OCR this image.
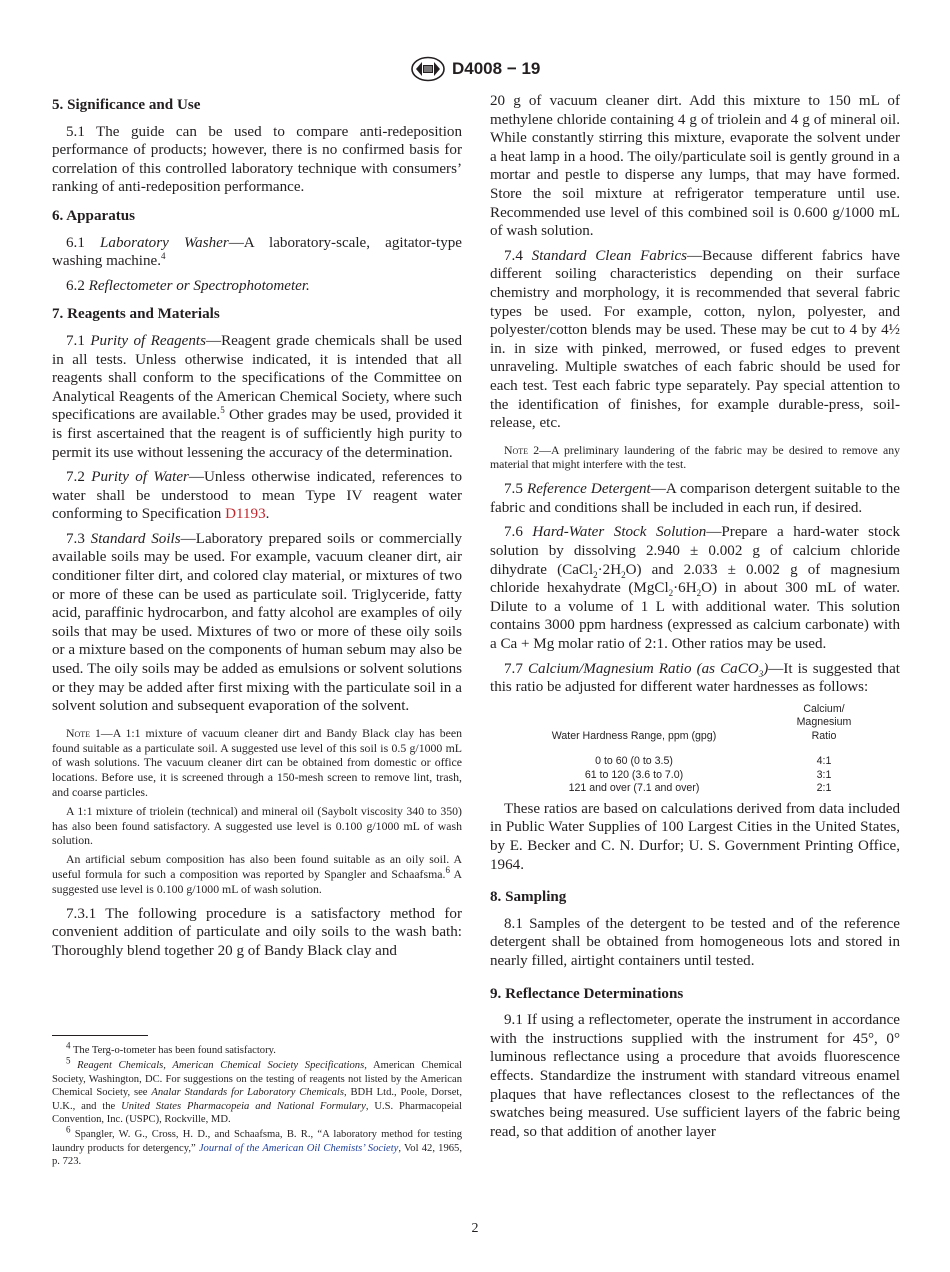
D4008 − 19
5. Significance and Use

5.1 The guide can be used to compare anti-redeposition performance of products; however, there is no confirmed basis for correlation of this controlled laboratory technique with consumers’ ranking of anti-redeposition performance.

6. Apparatus

6.1 Laboratory Washer—A laboratory-scale, agitator-type washing machine.$^4$

6.2 Reflectometer or Spectrophotometer.

7. Reagents and Materials

7.1 Purity of Reagents—Reagent grade chemicals shall be used in all tests. Unless otherwise indicated, it is intended that all reagents shall conform to the specifications of the Committee on Analytical Reagents of the American Chemical Society, where such specifications are available.$^5$ Other grades may be used, provided it is first ascertained that the reagent is of sufficiently high purity to permit its use without lessening the accuracy of the determination.

7.2 Purity of Water—Unless otherwise indicated, references to water shall be understood to mean Type IV reagent water conforming to Specification D1193.

7.3 Standard Soils—Laboratory prepared soils or commercially available soils may be used. For example, vacuum cleaner dirt, air conditioner filter dirt, and colored clay material, or mixtures of two or more of these can be used as particulate soil. Triglyceride, fatty acid, paraffinic hydrocarbon, and fatty alcohol are examples of oily soils that may be used. Mixtures of two or more of these oily soils or a mixture based on the components of human sebum may also be used. The oily soils may be added as emulsions or solvent solutions or they may be added after first mixing with the particulate soil in a solvent solution and subsequent evaporation of the solvent.

Note 1—A 1:1 mixture of vacuum cleaner dirt and Bandy Black clay has been found suitable as a particulate soil. A suggested use level of this soil is 0.5 g/1000 mL of wash solutions. The vacuum cleaner dirt can be obtained from domestic or office locations. Before use, it is screened through a 150-mesh screen to remove lint, trash, and coarse particles.
A 1:1 mixture of triolein (technical) and mineral oil (Saybolt viscosity 340 to 350) has also been found satisfactory. A suggested use level is 0.100 g/1000 mL of wash solution.
An artificial sebum composition has also been found suitable as an oily soil. A useful formula for such a composition was reported by Spangler and Schaafsma.$^6$ A suggested use level is 0.100 g/1000 mL of wash solution.

7.3.1 The following procedure is a satisfactory method for convenient addition of particulate and oily soils to the wash bath: Thoroughly blend together 20 g of Bandy Black clay and

$^4$ The Terg-o-tometer has been found satisfactory.

$^5$ Reagent Chemicals, American Chemical Society Specifications, American Chemical Society, Washington, DC. For suggestions on the testing of reagents not listed by the American Chemical Society, see Analar Standards for Laboratory Chemicals, BDH Ltd., Poole, Dorset, U.K., and the United States Pharmacopeia and National Formulary, U.S. Pharmacopeial Convention, Inc. (USPC), Rockville, MD.

$^6$ Spangler, W. G., Cross, H. D., and Schaafsma, B. R., “A laboratory method for testing laundry products for detergency,” Journal of the American Oil Chemists’ Society, Vol 42, 1965, p. 723.

20 g of vacuum cleaner dirt. Add this mixture to 150 mL of methylene chloride containing 4 g of triolein and 4 g of mineral oil. While constantly stirring this mixture, evaporate the solvent under a heat lamp in a hood. The oily/particulate soil is gently ground in a mortar and pestle to disperse any lumps, that may have formed. Store the soil mixture at refrigerator temperature until use. Recommended use level of this combined soil is 0.600 g/1000 mL of wash solution.

7.4 Standard Clean Fabrics—Because different fabrics have different soiling characteristics depending on their surface chemistry and morphology, it is recommended that several fabric types be used. For example, cotton, nylon, polyester, and polyester/cotton blends may be used. These may be cut to 4 by 4½ in. in size with pinked, merrowed, or fused edges to prevent unraveling. Multiple swatches of each fabric should be used for each test. Test each fabric type separately. Pay special attention to the identification of finishes, for example durable-press, soil-release, etc.

Note 2—A preliminary laundering of the fabric may be desired to remove any material that might interfere with the test.

7.5 Reference Detergent—A comparison detergent suitable to the fabric and conditions shall be included in each run, if desired.

7.6 Hard-Water Stock Solution—Prepare a hard-water stock solution by dissolving 2.940 ± 0.002 g of calcium chloride dihydrate $(CaCl_2\cdot 2H_2O)$ and 2.033 ± 0.002 g of magnesium chloride hexahydrate $(MgCl_2\cdot 6H_2O)$ in about 300 mL of water. Dilute to a volume of 1 L with additional water. This solution contains 3000 ppm hardness (expressed as calcium carbonate) with a Ca + Mg molar ratio of 2:1. Other ratios may be used.

7.7 Calcium/Magnesium Ratio (as CaCO$_3$)—It is suggested that this ratio be adjusted for different water hardnesses as follows:

Water Hardness Range, ppm (gpg)	Calcium/
Magnesium
Ratio

0 to 60 (0 to 3.5)	4:1
61 to 120 (3.6 to 7.0)	3:1
121 and over (7.1 and over)	2:1

These ratios are based on calculations derived from data included in Public Water Supplies of 100 Largest Cities in the United States, by E. Becker and C. N. Durfor; U. S. Government Printing Office, 1964.

8. Sampling

8.1 Samples of the detergent to be tested and of the reference detergent shall be obtained from homogeneous lots and stored in nearly filled, airtight containers until tested.

9. Reflectance Determinations

9.1 If using a reflectometer, operate the instrument in accordance with the instructions supplied with the instrument for 45°, 0° luminous reflectance using a procedure that avoids fluorescence effects. Standardize the instrument with standard vitreous enamel plaques that have reflectances closest to the reflectances of the swatches being measured. Use sufficient layers of the fabric being read, so that addition of another layer

2
